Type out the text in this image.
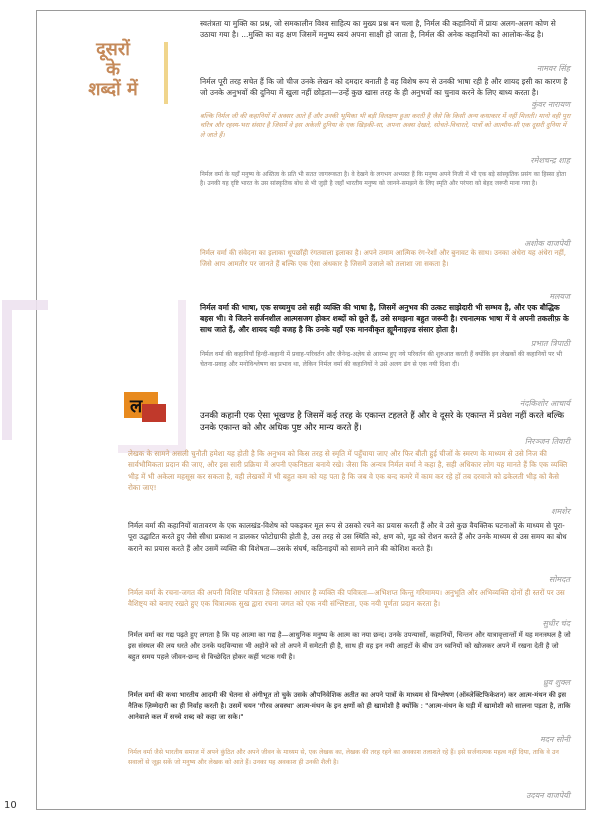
दूसरों
के
शब्दों में
ल
स्वतंत्रता या मुक्ति का प्रश्न, जो समकालीन विश्व साहित्य का मुख्य प्रश्न बन चला है, निर्मल की कहानियों में प्रायः अलग-अलग कोण से उठाया गया है। ...मुक्ति का वह क्षण जिसमें मनुष्य स्वयं अपना साक्षी हो जाता है, निर्मल की अनेक कहानियों का आलोक-केंद्र है।
नामवर सिंह
निर्मल पूरी तरह सचेत हैं कि जो चीज उनके लेखन को दमदार बनाती है वह विशेष रूप से उनकी भाषा रही है और शायद इसी का कारण है जो उनके अनुभवों की दुनिया में खुला नहीं छोड़ता—उन्हें कुछ खास तरह के ही अनुभवों का चुनाव करने के लिए बाध्य करता है।
कुंवर नारायण
बल्कि निर्मल जी की कहानियों में अक्सर आते हैं और उनकी भूमिका भी बड़ी विलक्षण हुआ करती है जैसे कि किसी अन्य कथाकार में नहीं मिलती। मानो वही पूरा चरित्र और रहस्य-भरा संसार है जिसमें वे इस अकेली दुनिया के एक खिड़की-सा, अपना अक्स देखते, सोचते-विचारते, पात्रों को आत्मीय-सी एक दूसरी दुनिया में ले जाते हैं।
रमेशचन्द्र शाह
निर्मल वर्मा के यहाँ मनुष्य के अस्तित्व के प्रति भी सतत जागरूकता है। वे देखने के लगभग अभ्यस्त हैं कि मनुष्य अपने निजी में भी एक बड़े सांस्कृतिक प्रसंग का हिस्सा होता है। उनकी यह दृष्टि भारत के उस सांस्कृतिक बोध से भी जुड़ी है जहाँ भारतीय मनुष्य को जानने-समझने के लिए स्मृति और परंपरा को बेहद जरूरी माना गया है।
अशोक वाजपेयी
निर्मल वर्मा की संवेदना का इलाका धूपछाँही रंगतवाला इलाका है। अपने तमाम आत्मिक रंग-रेशों और बुनावट के साथ। उनका अंधेरा यह अंधेरा नहीं, जिसे आप आमतौर पर जानते हैं बल्कि एक ऐसा अंधकार है जिसमें उजाले को तलाशा जा सकता है।
मलयज
निर्मल वर्मा की भाषा, एक सच्चमुच उसे सही व्यक्ति की भाषा है, जिसमें अनुभव की उत्कट साझेदारी भी सम्भव है, और एक बौद्धिक बहस भी। वे जितने सर्जनशील आत्मसजग होकर शब्दों को छूते हैं, उसे समझना बहुत जरूरी है। रचनात्मक भाषा में वे अपनी तकलीफ़ के साथ जाते हैं, और शायद यही वजह है कि उनके यहाँ एक मानवीकृत ह्यूमैनाइज़्ड संसार होता है।
प्रभात त्रिपाठी
निर्मल वर्मा की कहानियाँ हिन्दी-कहानी में प्रवाह-परिवर्तन और जैनेन्द्र-अज्ञेय से आरम्भ हुए नये परिवर्तन की शुरुआत करती हैं क्योंकि इन लेखकों की कहानियों पर भी चेतना-प्रवाह और मनोविश्लेषण का प्रभाव था, लेकिन निर्मल वर्मा की कहानियों ने उसे अलग ढंग से एक नयी दिशा दी।
नंदकिशोर आचार्य
उनकी कहानी एक ऐसा भूखण्ड है जिसमें कई तरह के एकान्त टहलते हैं और वे दूसरे के एकान्त में प्रवेश नहीं करते बल्कि उनके एकान्त को और अधिक पुष्ट और मान्य करते हैं।
निरञ्जन तिवारी
लेखक के सामने असली चुनौती हमेशा यह होती है कि अनुभव को किस तरह से स्मृति में पहुँचाया जाए और फिर बीती हुई चीजों के स्मरण के माध्यम से उसे निज की सार्वभौमिकता प्रदान की जाए, और इस सारी प्रक्रिया में अपनी एकनिष्ठता बनाये रखे। जैसा कि अन्यत्र निर्मल वर्मा ने कहा है, सही अधिकार लोग यह मानते हैं कि एक व्यक्ति भीड़ में भी अकेला महसूस कर सकता है, वही लेखकों में भी बहुत कम को यह पता है कि जब वे एक बन्द कमरे में काम कर रहे हों तब दरवाजे को ढकेलती भीड़ को कैसे रोका जाए!
शमशेर
निर्मल वर्मा की कहानियों वातावरण के एक कालखंड-विशेष को पकड़कर मूल रूप से उसको रचने का प्रयास करती हैं और वे उसे कुछ वैयक्तिक घटनाओं के माध्यम से पूरा-पूरा उद्घाटित करते हुए जैसे सीधा प्रकाश न डालकर फोटोग्राफी होती है, उस तरह से उस स्थिति को, क्षण को, मूड को रोशन करते हैं और उनके माध्यम से उस समय का बोध कराने का प्रयास करते हैं और उसमें व्यक्ति की विशेषता—उसके संघर्ष, कठिनाइयों को सामने लाने की कोशिश करते हैं।
सोमदत
निर्मल वर्मा के रचना-जगत की अपनी विशिष्ट पवित्रता है जिसका आधार है व्यक्ति की पवित्रता—अभिशप्त किन्तु गरिमामय। अनुभूति और अभिव्यक्ति दोनों ही स्तरों पर उस वैशिष्ट्य को बनाए रखते हुए एक चित्रात्मक सुख द्वारा रचना जगत को एक नयी संश्लिष्टता, एक नयी पूर्णता प्रदान करता है।
सुधीर चंद
निर्मल वर्मा का गद्य पढ़ते हुए लगता है कि यह आत्मा का गद्य है—आधुनिक मनुष्य के आत्म का नया छन्द। उनके उपन्यासों, कहानियों, चिन्तन और यात्रावृत्तान्तों में यह मनःस्थल है जो इस संस्थल की लय धरते और उनके यदविन्यास भी अहोने को तो अपने में समेटती ही है, साथ ही वह इन नयी आहटों के बीच उन ध्वनियों को खोजकर अपने में रखना देती है जो बहुत समय पहले जीवन-छन्द से विच्छेदित होकर कहीं भटक गयी है।
ध्रुव शुक्ल
निर्मल वर्मा की कथा भारतीय आदमी की चेतना से अंगीभूत तो चुके उसके औपनिवेशिक अतीत का अपने पात्रों के माध्यम से विश्लेषण (ऑब्जेक्टिफिकेशन) कर आत्म-मंथन की इस नैतिक ज़िम्मेदारी का ही निर्वाह करती है। उसमें चयन 'गौरव अवस्था' आत्म-मंथन के इन क्षणों को ही खामोशी है क्योंकि : "आत्म-मंथन के घड़ी में खामोशी को सालना पड़ता है, ताकि आनेवाले कल में सच्चे शब्द को कहा जा सके।"
मदन सोनी
निर्मल वर्मा जैसे भारतीय समाज में अपने कुंठित और अपने जीवन के माध्यम से, एक लेखक का, लेखक की तरह रहने का अवकाश तलाशते रहे हैं। इसे सर्जनात्मक महत्व नहीं दिया, ताकि वे उन सवालों से जूझ सकें जो मनुष्य और लेखक को आते हैं। उनका यह अवकाश ही उनकी शैली है।
उदयन वाजपेयी
10
